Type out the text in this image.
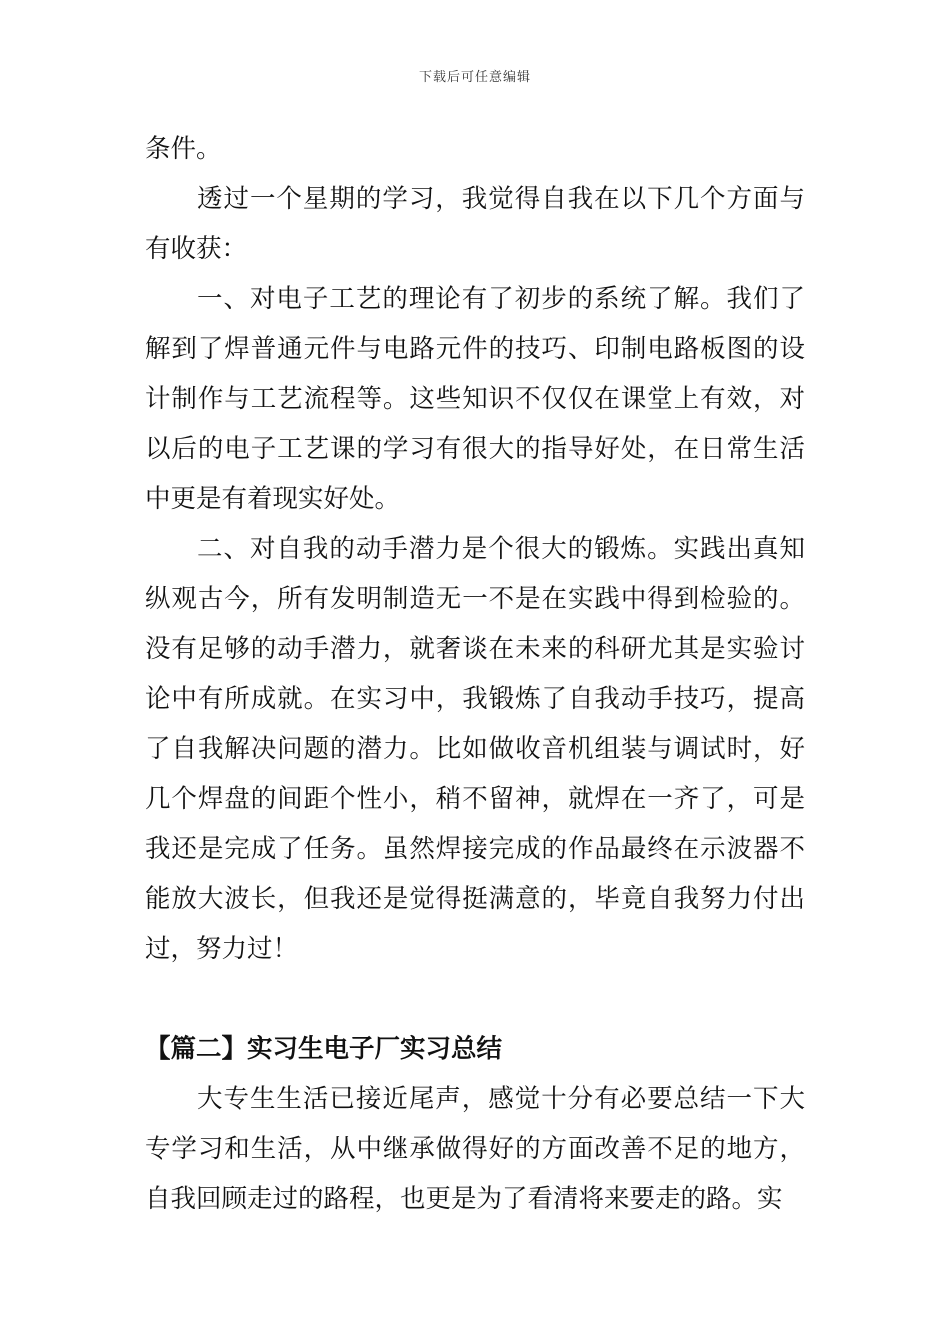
下载后可任意编辑

条件。

透过一个星期的学习，我觉得自我在以下几个方面与有收获：

一、对电子工艺的理论有了初步的系统了解。我们了解到了焊普通元件与电路元件的技巧、印制电路板图的设计制作与工艺流程等。这些知识不仅仅在课堂上有效，对以后的电子工艺课的学习有很大的指导好处，在日常生活中更是有着现实好处。

二、对自我的动手潜力是个很大的锻炼。实践出真知纵观古今，所有发明制造无一不是在实践中得到检验的。没有足够的动手潜力，就奢谈在未来的科研尤其是实验讨论中有所成就。在实习中，我锻炼了自我动手技巧，提高了自我解决问题的潜力。比如做收音机组装与调试时，好几个焊盘的间距个性小，稍不留神，就焊在一齐了，可是我还是完成了任务。虽然焊接完成的作品最终在示波器不能放大波长，但我还是觉得挺满意的，毕竟自我努力付出过，努力过！

【篇二】实习生电子厂实习总结

大专生生活已接近尾声，感觉十分有必要总结一下大专学习和生活，从中继承做得好的方面改善不足的地方，自我回顾走过的路程，也更是为了看清将来要走的路。实
